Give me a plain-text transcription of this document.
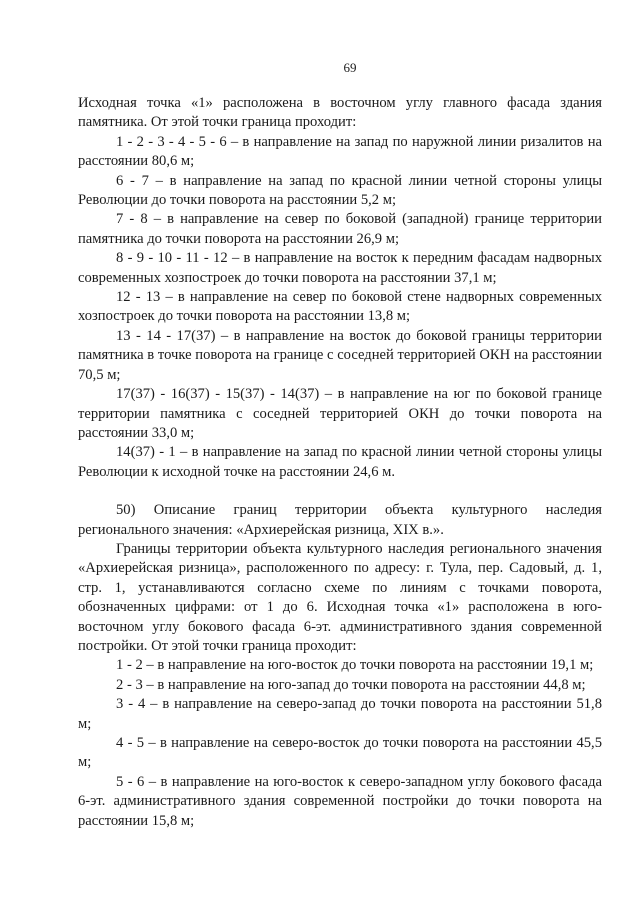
69

Исходная точка «1» расположена в восточном углу главного фасада здания памятника. От этой точки граница проходит:

1 - 2 - 3 - 4 - 5 - 6 – в направление на запад по наружной линии ризалитов на расстоянии 80,6 м;

6 - 7 – в направление на запад по красной линии четной стороны улицы Революции до точки поворота на расстоянии 5,2 м;

7 - 8 – в направление на север по боковой (западной) границе территории памятника до точки поворота на расстоянии 26,9 м;

8 - 9 - 10 - 11 - 12 – в направление на восток к передним фасадам надворных современных хозпостроек до точки поворота на расстоянии 37,1 м;

12 - 13 – в направление на север по боковой стене надворных современных хозпостроек до точки поворота на расстоянии 13,8 м;

13 - 14 - 17(37) – в направление на восток до боковой границы территории памятника в точке поворота на границе с соседней территорией ОКН на расстоянии 70,5 м;

17(37) - 16(37) - 15(37) - 14(37) – в направление на юг по боковой границе территории памятника с соседней территорией ОКН до точки поворота на расстоянии 33,0 м;

14(37) - 1 – в направление на запад по красной линии четной стороны улицы Революции к исходной точке на расстоянии 24,6 м.

50) Описание границ территории объекта культурного наследия регионального значения: «Архиерейская ризница, XIX в.».

Границы территории объекта культурного наследия регионального значения «Архиерейская ризница», расположенного по адресу: г. Тула, пер. Садовый, д. 1, стр. 1, устанавливаются согласно схеме по линиям с точками поворота, обозначенных цифрами: от 1 до 6. Исходная точка «1» расположена в юго-восточном углу бокового фасада 6-эт. административного здания современной постройки. От этой точки граница проходит:

1 - 2 – в направление на юго-восток до точки поворота на расстоянии 19,1 м;

2 - 3 – в направление на юго-запад до точки поворота на расстоянии 44,8 м;

3 - 4 – в направление на северо-запад до точки поворота на расстоянии 51,8 м;

4 - 5 – в направление на северо-восток до точки поворота на расстоянии 45,5 м;

5 - 6 – в направление на юго-восток к северо-западном углу бокового фасада 6-эт. административного здания современной постройки до точки поворота на расстоянии 15,8 м;
